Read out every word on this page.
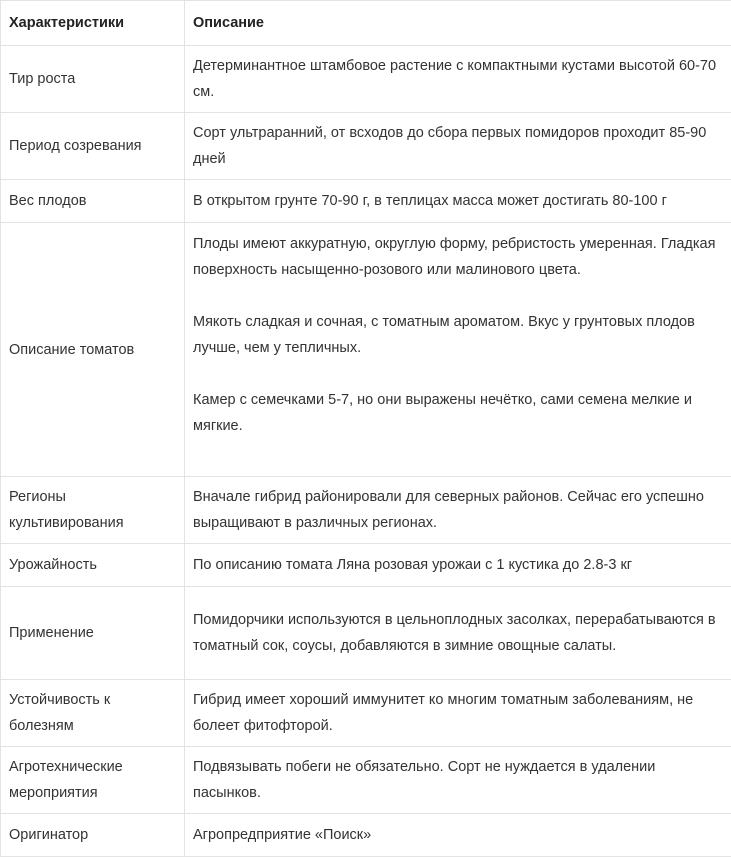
Характеристики	Описание
Тир роста	Детерминантное штамбовое растение с компактными кустами высотой 60-70 см.

Период созревания	Сорт ультраранний, от всходов до сбора первых помидоров проходит 85-90 дней

Вес плодов	В открытом грунте 70-90 г, в теплицах масса может достигать 80-100 г

Описание томатов	Плоды имеют аккуратную, округлую форму, ребристость умеренная. Гладкая поверхность насыщенно-розового или малинового цвета.

Мякоть сладкая и сочная, с томатным ароматом. Вкус у грунтовых плодов лучше, чем у тепличных.

Камер с семечками 5-7, но они выражены нечётко, сами семена мелкие и мягкие.

Регионы культивирования	Вначале гибрид районировали для северных районов. Сейчас его успешно выращивают в различных регионах.

Урожайность	По описанию томата Ляна розовая урожаи с 1 кустика до 2.8-3 кг

Применение	Помидорчики используются в цельноплодных засолках, перерабатываются в томатный сок, соусы, добавляются в зимние овощные салаты.

Устойчивость к болезням	Гибрид имеет хороший иммунитет ко многим томатным заболеваниям, не болеет фитофторой.

Агротехнические мероприятия	Подвязывать побеги не обязательно. Сорт не нуждается в удалении пасынков.

Оригинатор	Агропредприятие «Поиск»
